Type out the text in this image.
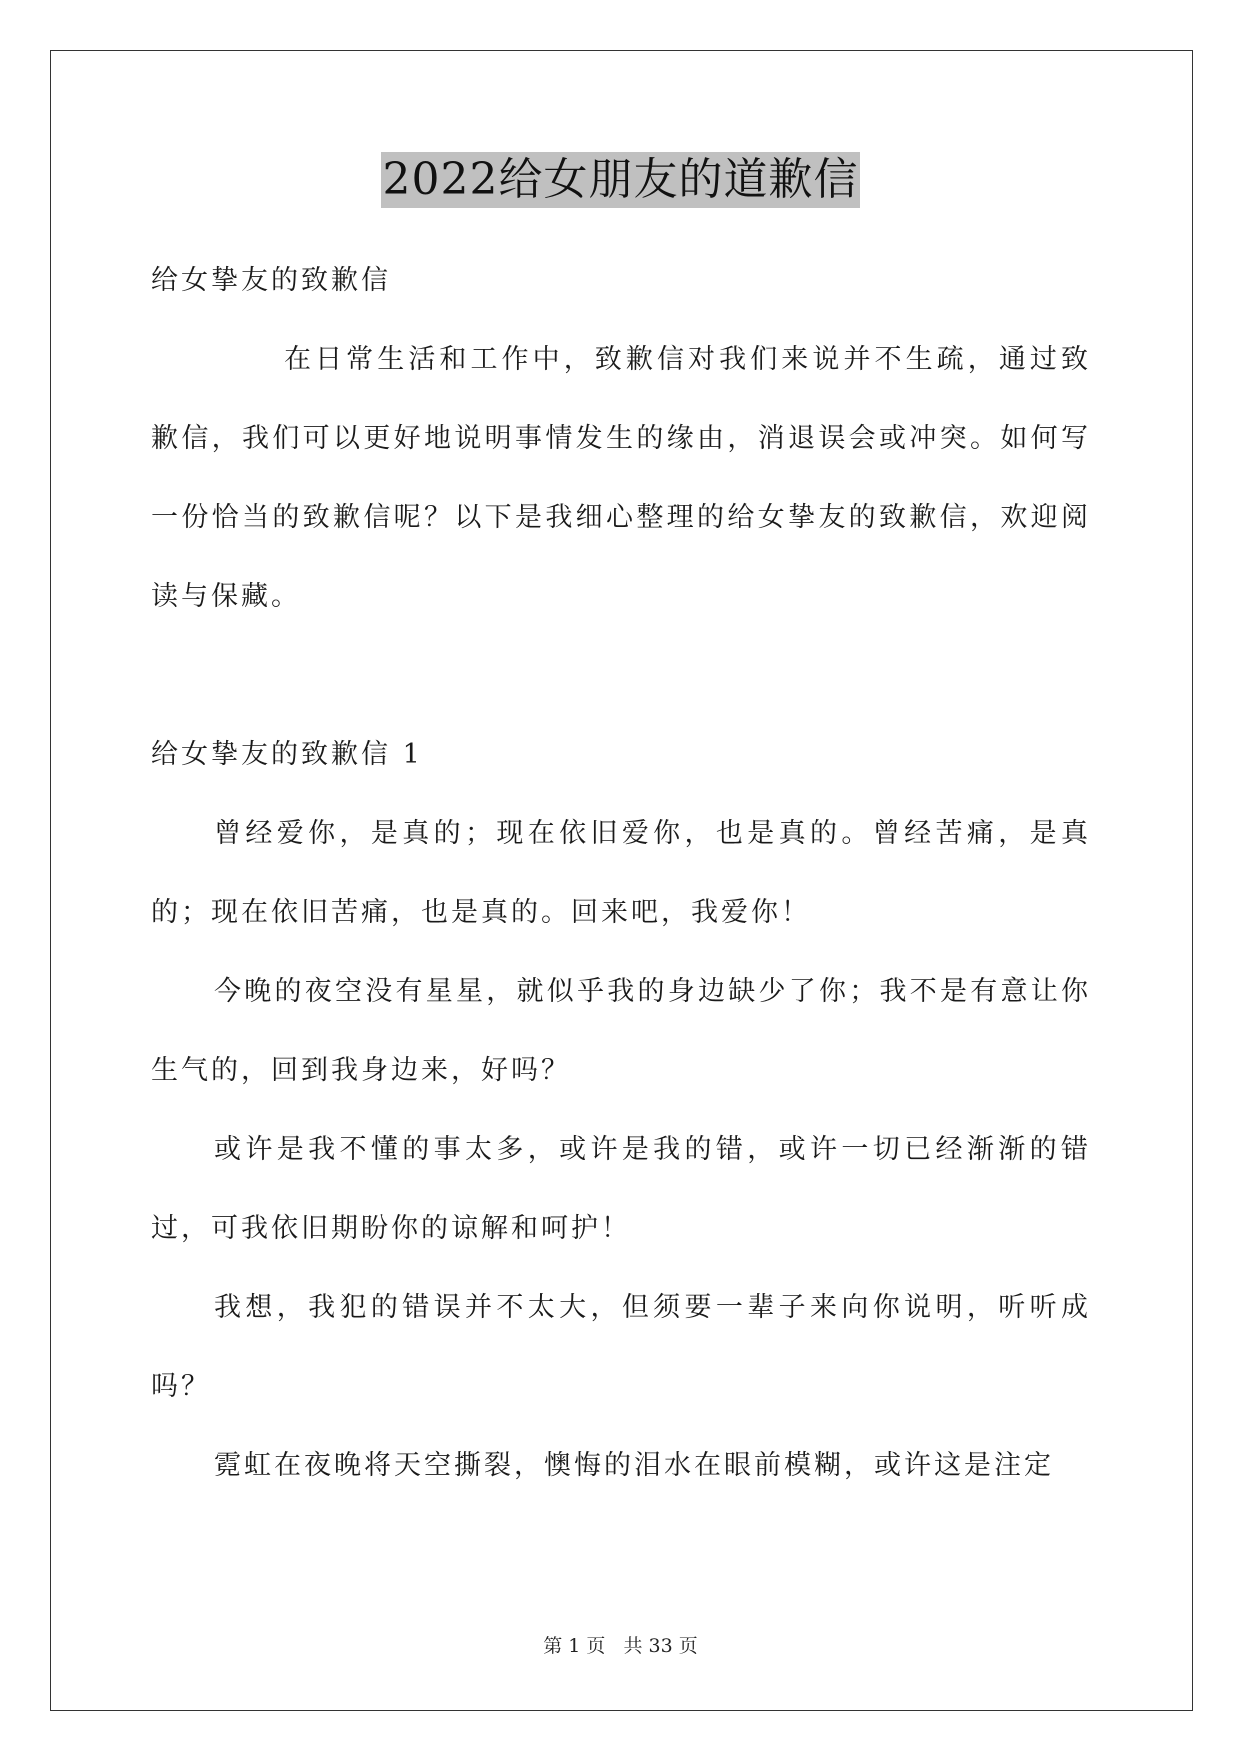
2022给女朋友的道歉信

给女挚友的致歉信

在日常生活和工作中，致歉信对我们来说并不生疏，通过致歉信，我们可以更好地说明事情发生的缘由，消退误会或冲突。如何写一份恰当的致歉信呢？以下是我细心整理的给女挚友的致歉信，欢迎阅读与保藏。

给女挚友的致歉信 1

曾经爱你，是真的；现在依旧爱你，也是真的。曾经苦痛，是真的；现在依旧苦痛，也是真的。回来吧，我爱你！

今晚的夜空没有星星，就似乎我的身边缺少了你；我不是有意让你生气的，回到我身边来，好吗？

或许是我不懂的事太多，或许是我的错，或许一切已经渐渐的错过，可我依旧期盼你的谅解和呵护！

我想，我犯的错误并不太大，但须要一辈子来向你说明，听听成吗？

霓虹在夜晚将天空撕裂，懊悔的泪水在眼前模糊，或许这是注定

第 1 页 共 33 页
